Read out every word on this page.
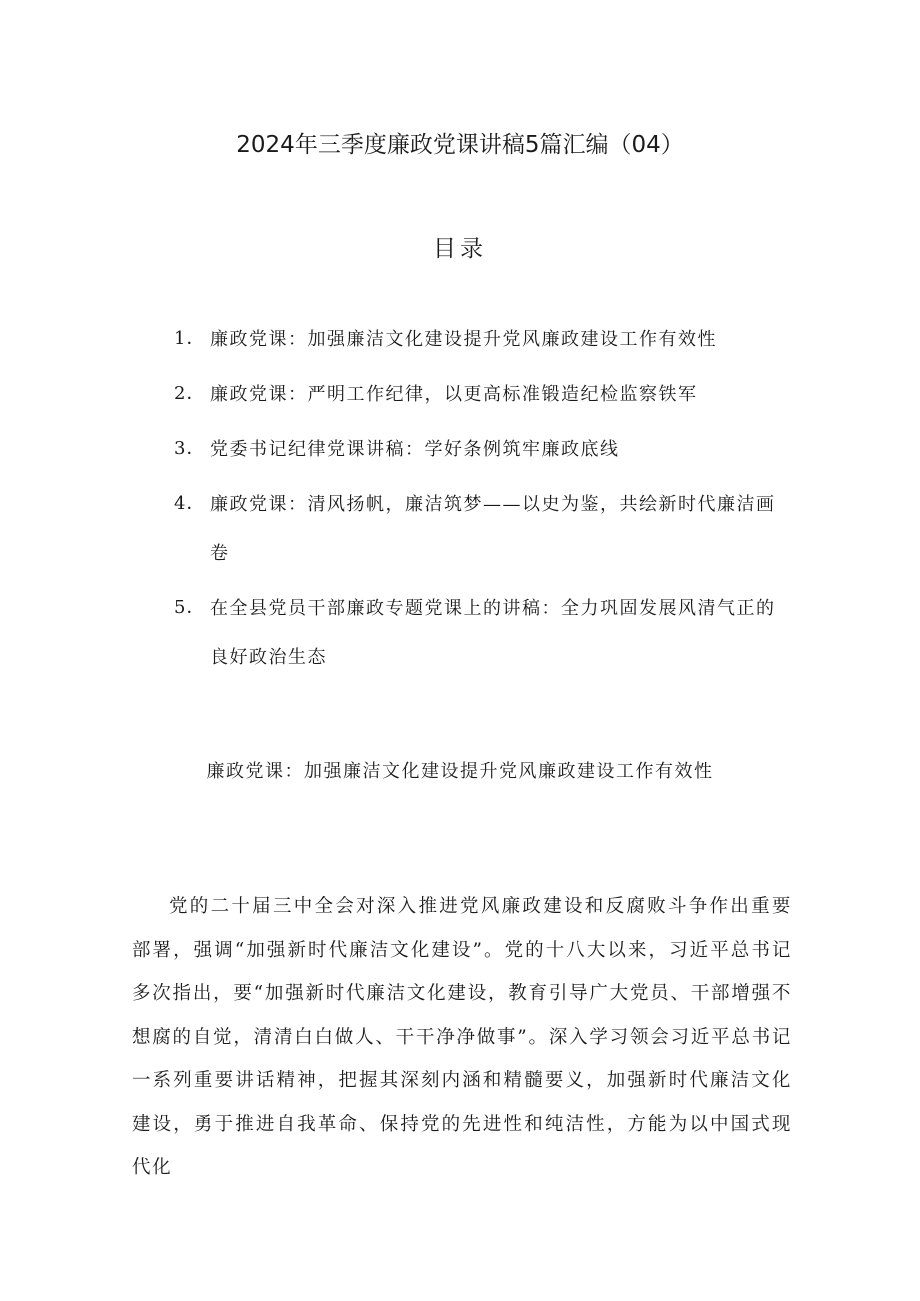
2024年三季度廉政党课讲稿5篇汇编（04）
目录
1． 廉政党课：加强廉洁文化建设提升党风廉政建设工作有效性
2． 廉政党课：严明工作纪律，以更高标准锻造纪检监察铁军
3． 党委书记纪律党课讲稿：学好条例筑牢廉政底线
4． 廉政党课：清风扬帆，廉洁筑梦——以史为鉴，共绘新时代廉洁画卷
5． 在全县党员干部廉政专题党课上的讲稿：全力巩固发展风清气正的良好政治生态
廉政党课：加强廉洁文化建设提升党风廉政建设工作有效性

党的二十届三中全会对深入推进党风廉政建设和反腐败斗争作出重要部署，强调“加强新时代廉洁文化建设”。党的十八大以来，习近平总书记多次指出，要“加强新时代廉洁文化建设，教育引导广大党员、干部增强不想腐的自觉，清清白白做人、干干净净做事”。深入学习领会习近平总书记一系列重要讲话精神，把握其深刻内涵和精髓要义，加强新时代廉洁文化建设，勇于推进自我革命、保持党的先进性和纯洁性，方能为以中国式现代化
